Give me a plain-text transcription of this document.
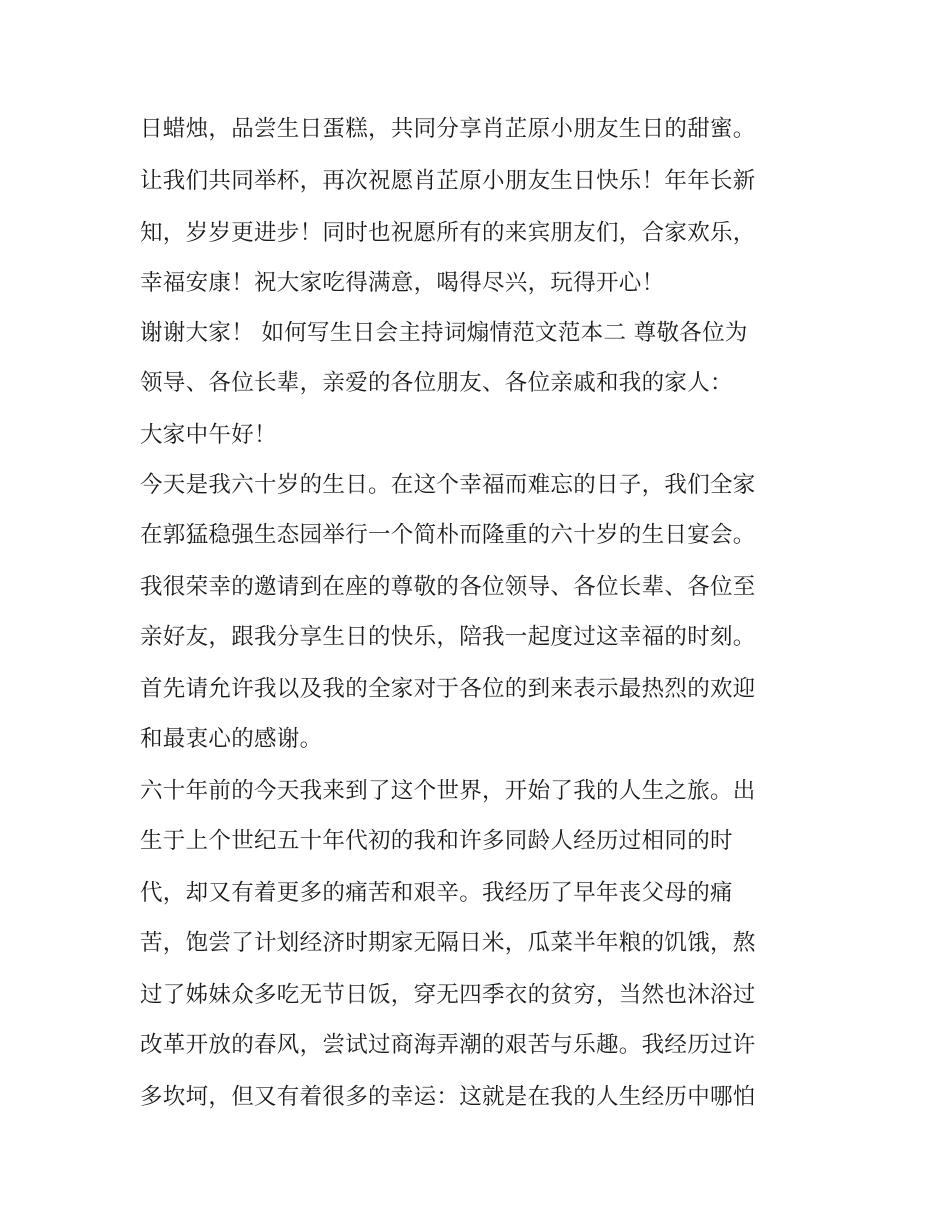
日蜡烛，品尝生日蛋糕，共同分享肖芷原小朋友生日的甜蜜。
让我们共同举杯，再次祝愿肖芷原小朋友生日快乐！年年长新
知，岁岁更进步！同时也祝愿所有的来宾朋友们，合家欢乐，
幸福安康！祝大家吃得满意，喝得尽兴，玩得开心！
谢谢大家！ 如何写生日会主持词煽情范文范本二 尊敬各位为
领导、各位长辈，亲爱的各位朋友、各位亲戚和我的家人：
大家中午好！
今天是我六十岁的生日。在这个幸福而难忘的日子，我们全家
在郭猛稳强生态园举行一个简朴而隆重的六十岁的生日宴会。
我很荣幸的邀请到在座的尊敬的各位领导、各位长辈、各位至
亲好友，跟我分享生日的快乐，陪我一起度过这幸福的时刻。
首先请允许我以及我的全家对于各位的到来表示最热烈的欢迎
和最衷心的感谢。
六十年前的今天我来到了这个世界，开始了我的人生之旅。出
生于上个世纪五十年代初的我和许多同龄人经历过相同的时
代，却又有着更多的痛苦和艰辛。我经历了早年丧父母的痛
苦，饱尝了计划经济时期家无隔日米，瓜菜半年粮的饥饿，熬
过了姊妹众多吃无节日饭，穿无四季衣的贫穷，当然也沐浴过
改革开放的春风，尝试过商海弄潮的艰苦与乐趣。我经历过许
多坎坷，但又有着很多的幸运：这就是在我的人生经历中哪怕
